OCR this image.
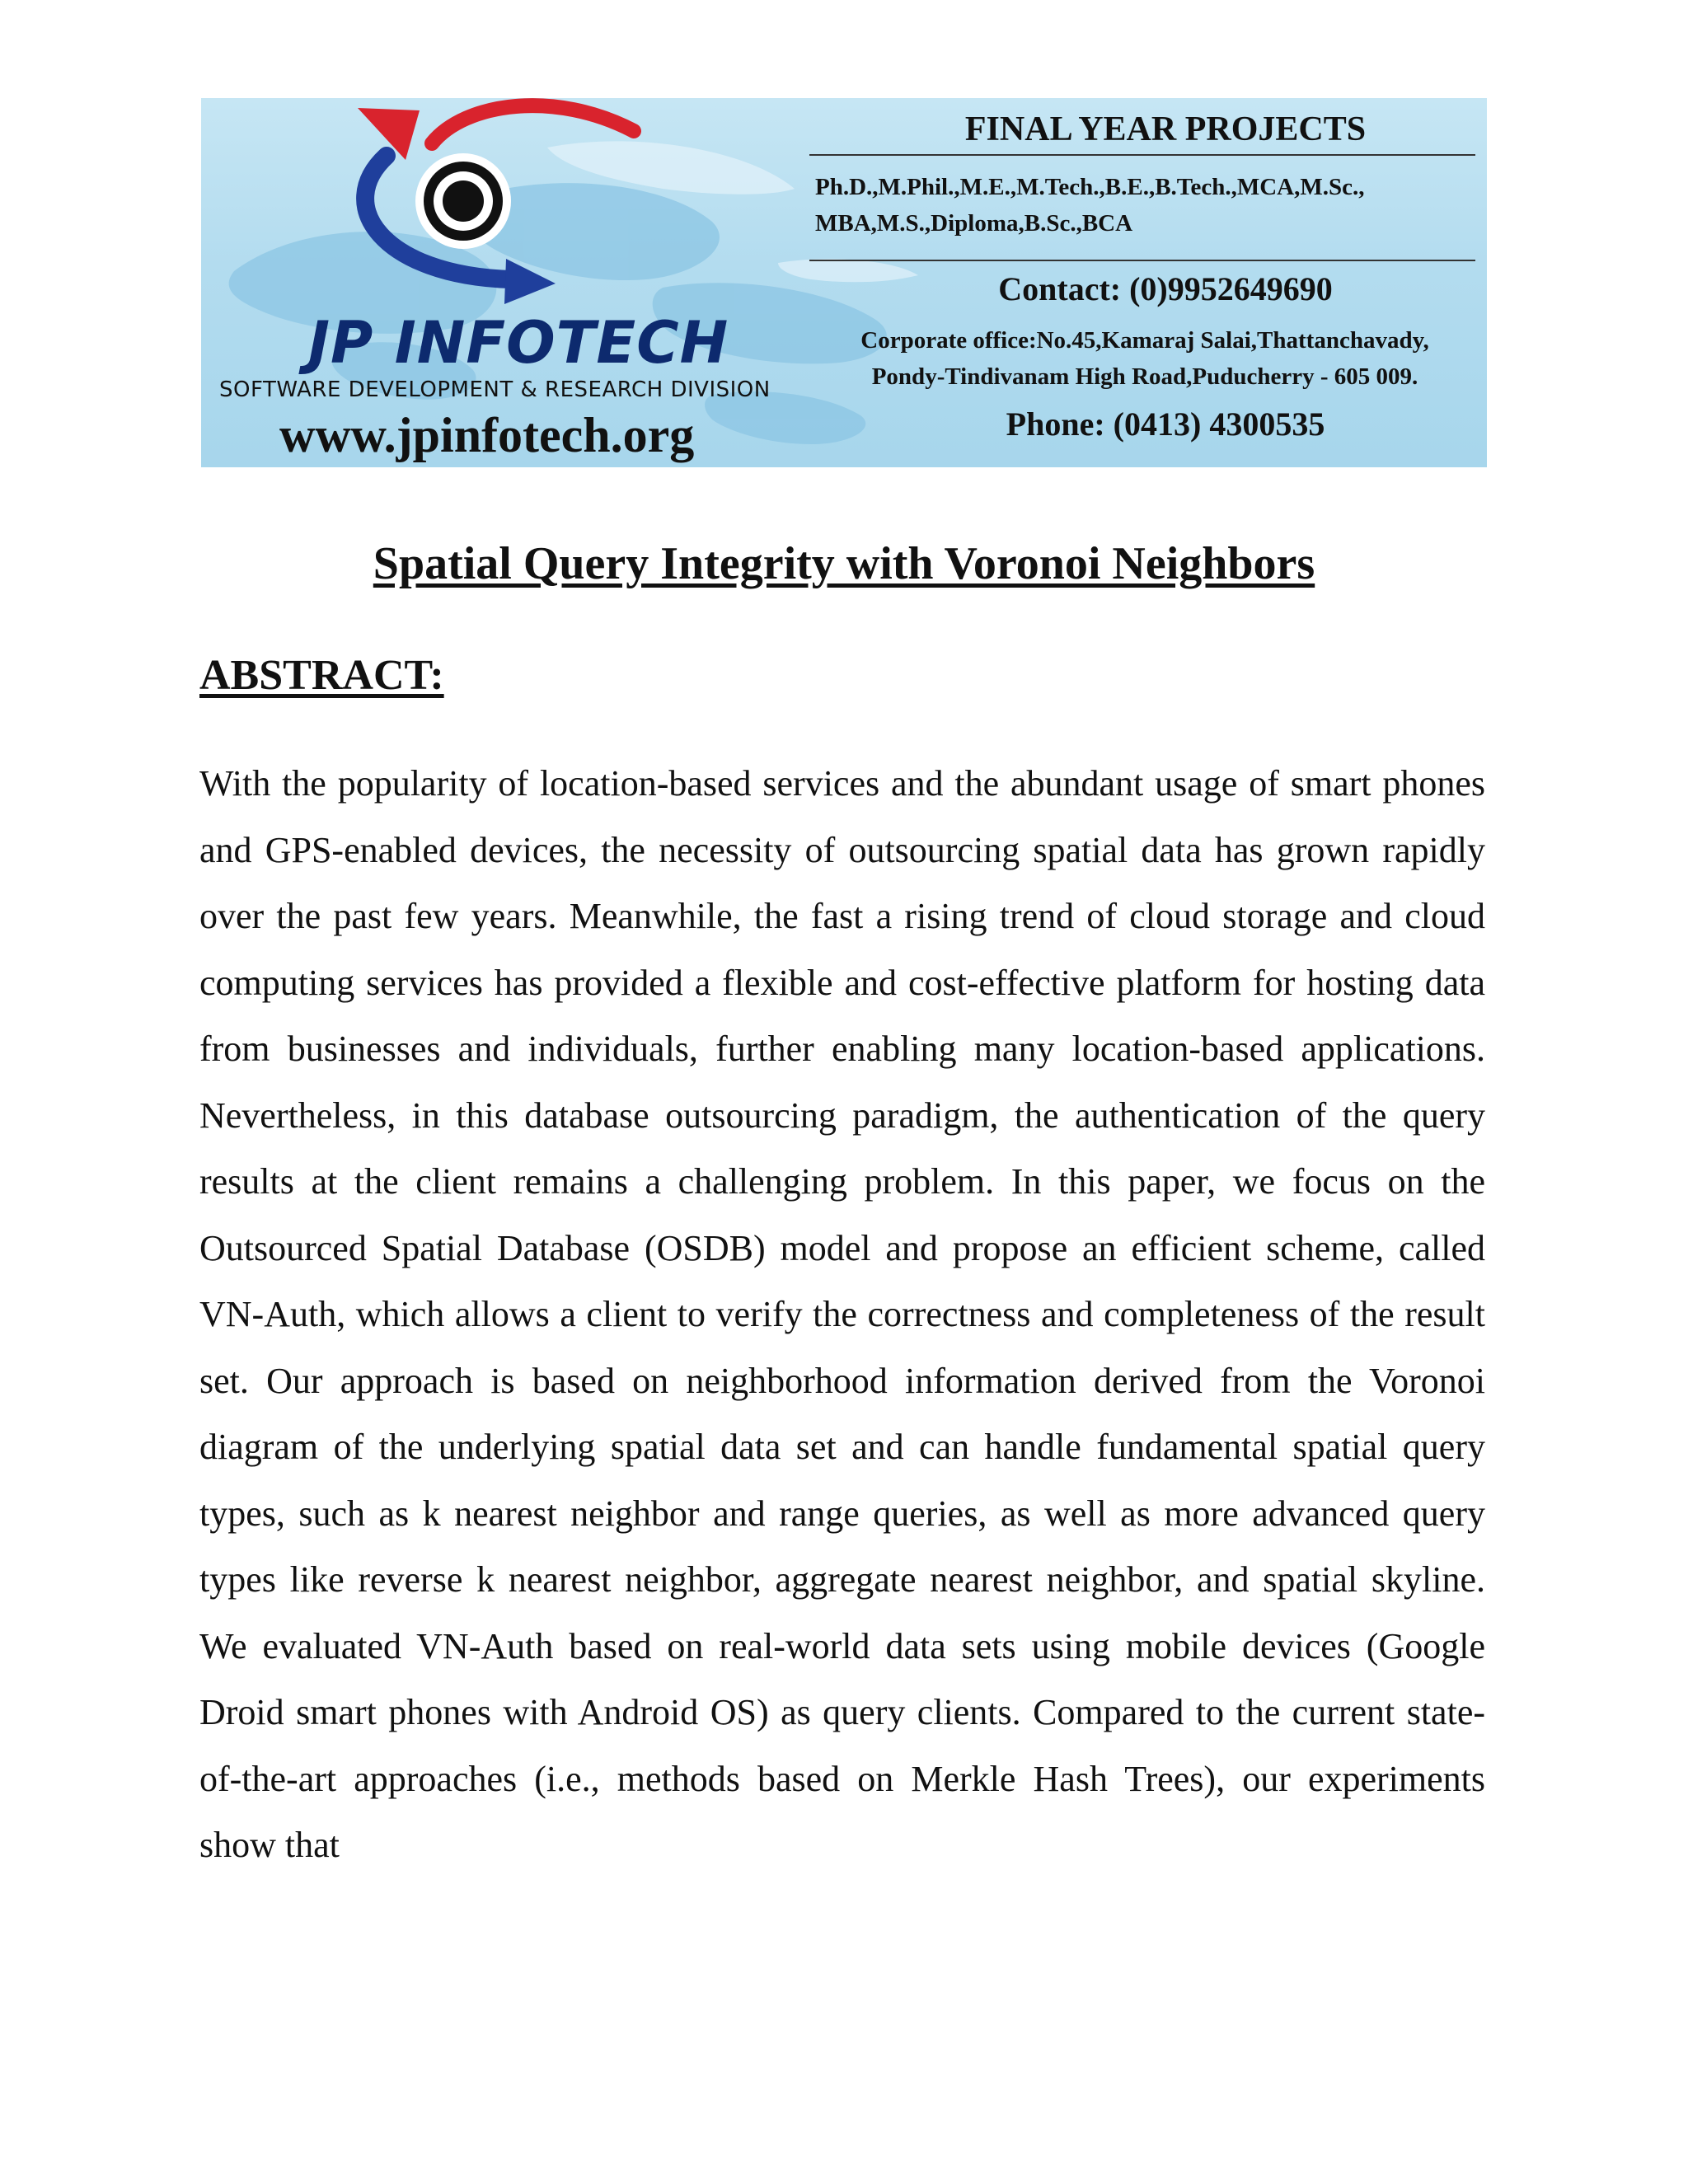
JP INFOTECH
SOFTWARE DEVELOPMENT & RESEARCH DIVISION
www.jpinfotech.org
FINAL YEAR PROJECTS
Ph.D.,M.Phil.,M.E.,M.Tech.,B.E.,B.Tech.,MCA,M.Sc.,
MBA,M.S.,Diploma,B.Sc.,BCA
Contact: (0)9952649690
Corporate office:No.45,Kamaraj Salai,Thattanchavady,
Pondy-Tindivanam High Road,Puducherry - 605 009.
Phone: (0413) 4300535
Spatial Query Integrity with Voronoi Neighbors
ABSTRACT:

With the popularity of location-based services and the abundant usage of smart phones and GPS-enabled devices, the necessity of outsourcing spatial data has grown rapidly over the past few years. Meanwhile, the fast a rising trend of cloud storage and cloud computing services has provided a flexible and cost-effective platform for hosting data from businesses and individuals, further enabling many location-based applications. Nevertheless, in this database outsourcing paradigm, the authentication of the query results at the client remains a challenging problem. In this paper, we focus on the Outsourced Spatial Database (OSDB) model and propose an efficient scheme, called VN-Auth, which allows a client to verify the correctness and completeness of the result set. Our approach is based on neighborhood information derived from the Voronoi diagram of the underlying spatial data set and can handle fundamental spatial query types, such as k nearest neighbor and range queries, as well as more advanced query types like reverse k nearest neighbor, aggregate nearest neighbor, and spatial skyline. We evaluated VN-Auth based on real-world data sets using mobile devices (Google Droid smart phones with Android OS) as query clients. Compared to the current state-of-the-art approaches (i.e., methods based on Merkle Hash Trees), our experiments show that
